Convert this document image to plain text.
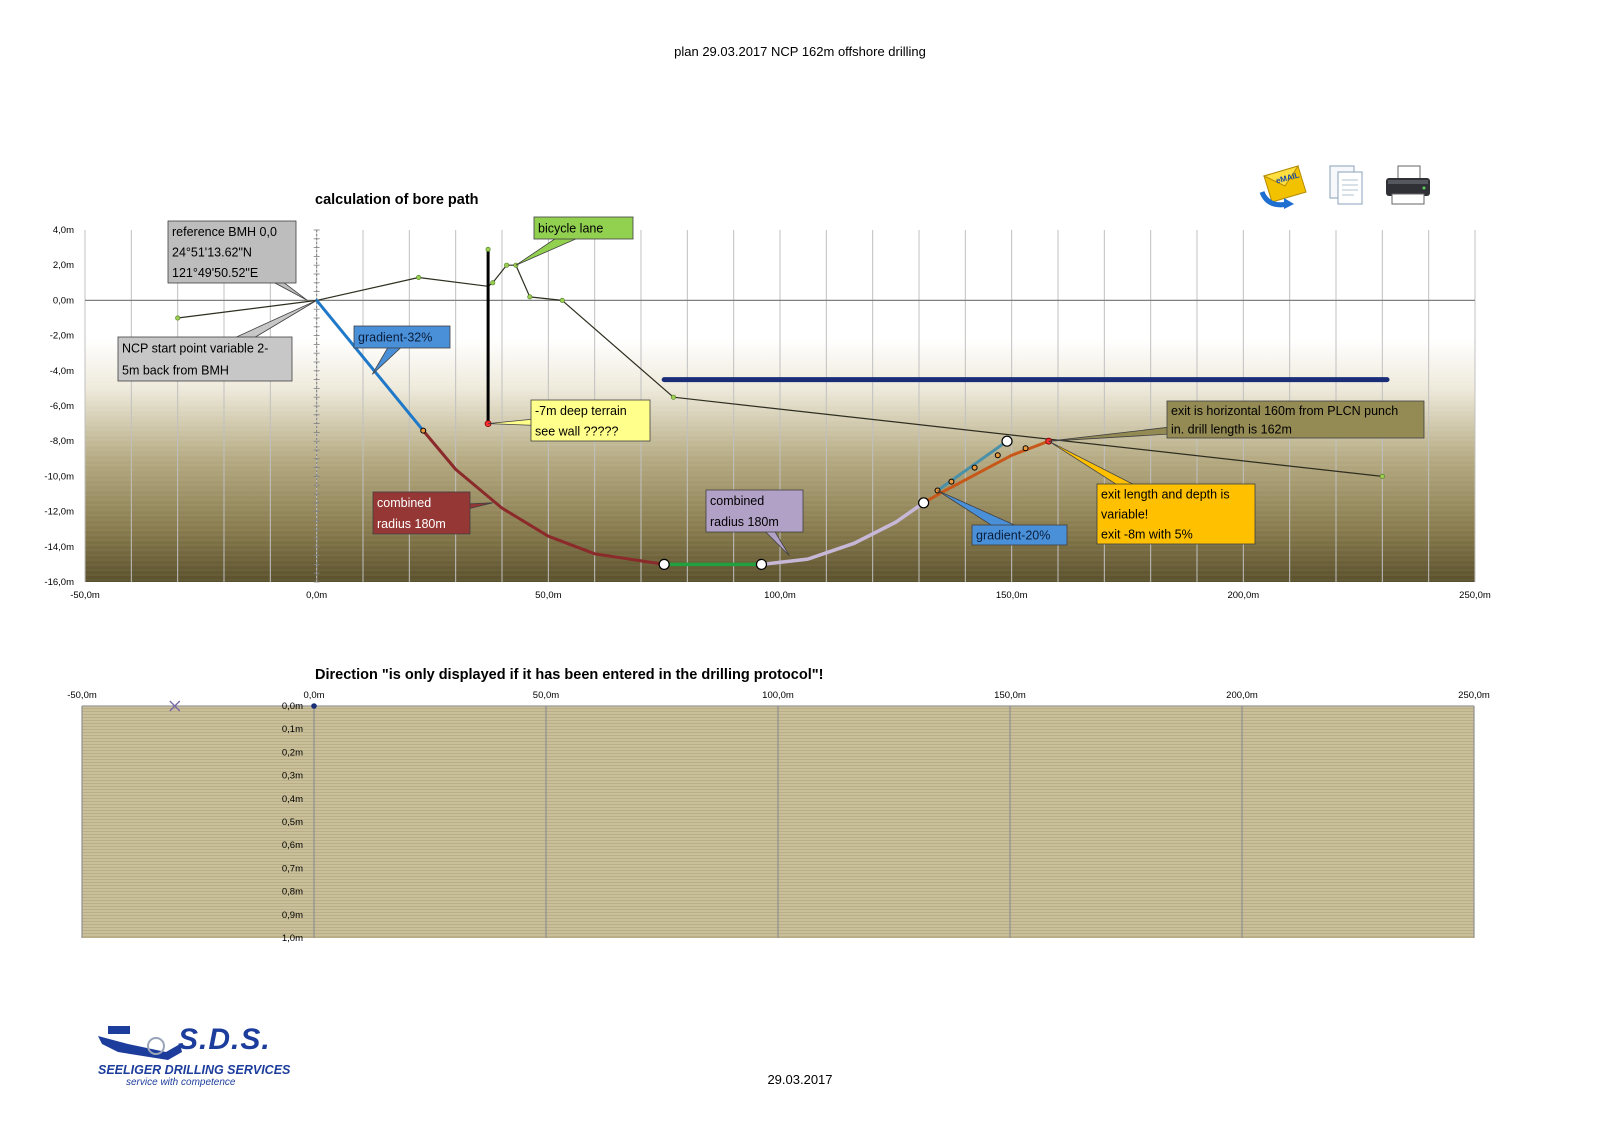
plan 29.03.2017 NCP 162m offshore drilling
eMAIL
calculation of bore path
4,0m
2,0m
0,0m
-2,0m
-4,0m
-6,0m
-8,0m
-10,0m
-12,0m
-14,0m
-16,0m
-50,0m	0,0m	50,0m	100,0m	150,0m	200,0m	250,0m
reference BMH 0,0
24°51'13.62"N
121°49'50.52"E
NCP start point variable 2-
5m back from BMH
gradient-32%
bicycle lane
-7m deep terrain
see wall ?????
combined
radius 180m
combined
radius 180m
exit is horizontal 160m from PLCN punch
in. drill length is 162m
exit length and depth is
variable!
exit -8m with 5%
gradient-20%
Direction "is only displayed if it has been entered in the drilling protocol"!
-50,0m	0,0m	50,0m	100,0m	150,0m	200,0m	250,0m
0,0m
0,1m
0,2m
0,3m
0,4m
0,5m
0,6m
0,7m
0,8m
0,9m
1,0m
S.D.S.
SEELIGER DRILLING SERVICES
service with competence	29.03.2017
